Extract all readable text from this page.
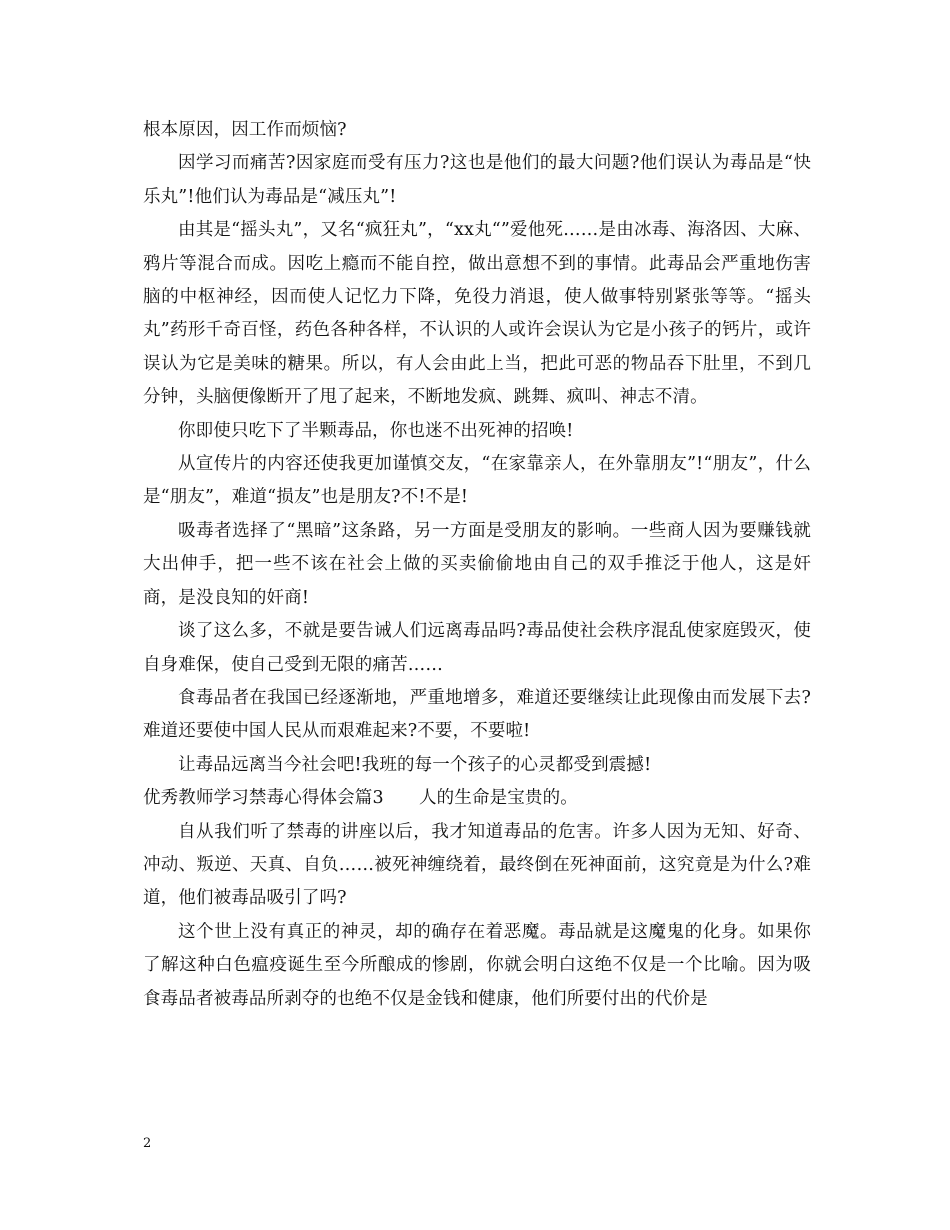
根本原因，因工作而烦恼?

因学习而痛苦?因家庭而受有压力?这也是他们的最大问题?他们误认为毒品是“快乐丸”!他们认为毒品是“减压丸”!

由其是“摇头丸”，又名“疯狂丸”，“xx丸“”爱他死……是由冰毒、海洛因、大麻、鸦片等混合而成。因吃上瘾而不能自控，做出意想不到的事情。此毒品会严重地伤害脑的中枢神经，因而使人记忆力下降，免役力消退，使人做事特别紧张等等。“摇头丸”药形千奇百怪，药色各种各样，不认识的人或许会误认为它是小孩子的钙片，或许误认为它是美味的糖果。所以，有人会由此上当，把此可恶的物品吞下肚里，不到几分钟，头脑便像断开了甩了起来，不断地发疯、跳舞、疯叫、神志不清。

你即使只吃下了半颗毒品，你也迷不出死神的招唤!

从宣传片的内容还使我更加谨慎交友，“在家靠亲人，在外靠朋友”!“朋友”，什么是“朋友”，难道“损友”也是朋友?不!不是!

吸毒者选择了“黑暗”这条路，另一方面是受朋友的影响。一些商人因为要赚钱就大出伸手，把一些不该在社会上做的买卖偷偷地由自己的双手推泛于他人，这是奸商，是没良知的奸商!

谈了这么多，不就是要告诫人们远离毒品吗?毒品使社会秩序混乱使家庭毁灭，使自身难保，使自己受到无限的痛苦……

食毒品者在我国已经逐渐地，严重地增多，难道还要继续让此现像由而发展下去?难道还要使中国人民从而艰难起来?不要，不要啦!

让毒品远离当今社会吧!我班的每一个孩子的心灵都受到震撼!

优秀教师学习禁毒心得体会篇3　　人的生命是宝贵的。

自从我们听了禁毒的讲座以后，我才知道毒品的危害。许多人因为无知、好奇、冲动、叛逆、天真、自负……被死神缠绕着，最终倒在死神面前，这究竟是为什么?难道，他们被毒品吸引了吗?

这个世上没有真正的神灵，却的确存在着恶魔。毒品就是这魔鬼的化身。如果你了解这种白色瘟疫诞生至今所酿成的惨剧，你就会明白这绝不仅是一个比喻。因为吸食毒品者被毒品所剥夺的也绝不仅是金钱和健康，他们所要付出的代价是

2
